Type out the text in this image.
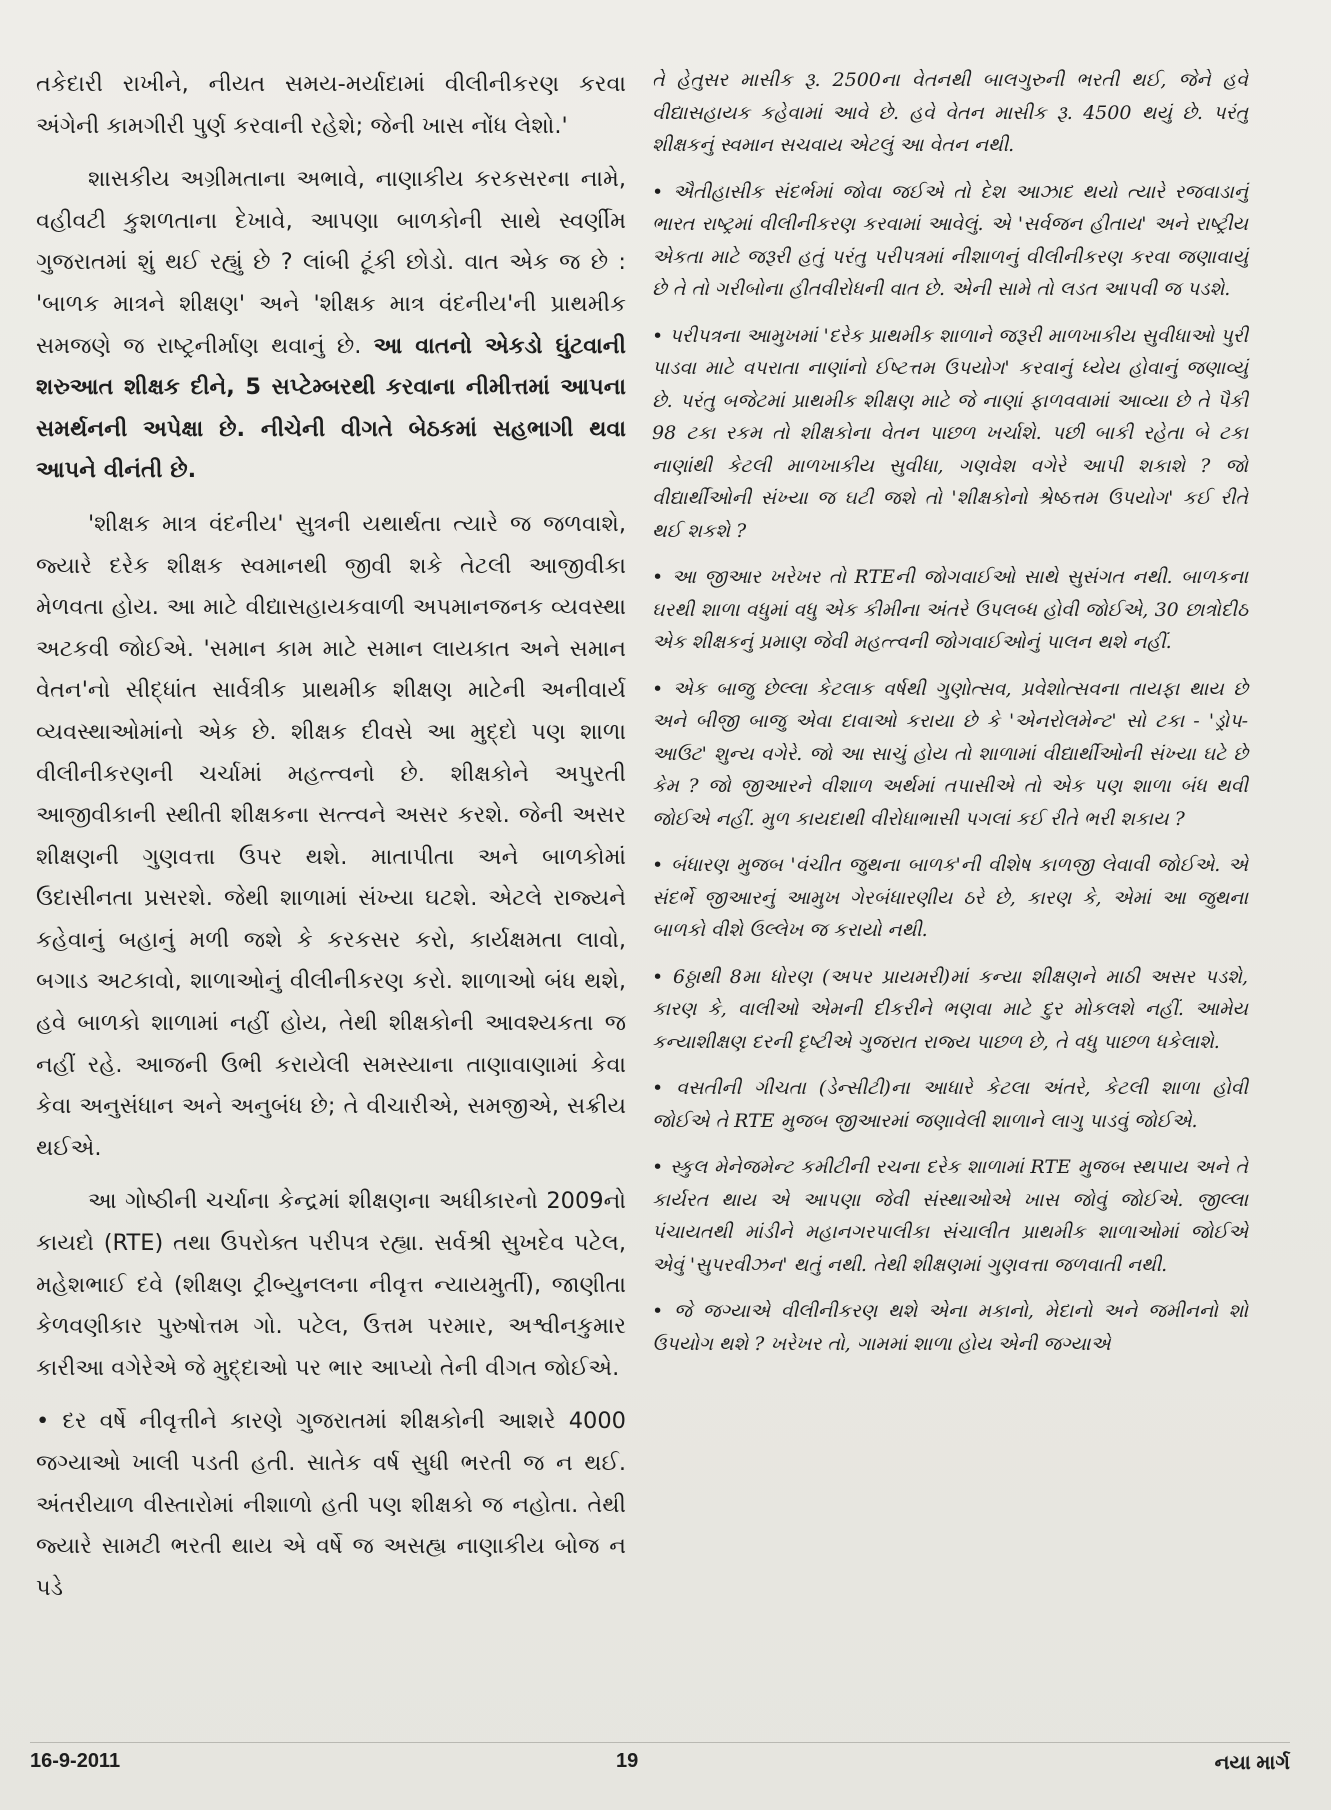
તકેદારી રાખીને, નીયત સમય-મર્યાદામાં વીલીનીકરણ કરવા અંગેની કામગીરી પુર્ણ કરવાની રહેશે; જેની ખાસ નોંધ લેશો.'

શાસકીય અગ્રીમતાના અભાવે, નાણાકીય કરકસરના નામે, વહીવટી કુશળતાના દેખાવે, આપણા બાળકોની સાથે સ્વર્ણીમ ગુજરાતમાં શું થઈ રહ્યું છે ? લાંબી ટૂંકી છોડો. વાત એક જ છે : 'બાળક માત્રને શીક્ષણ' અને 'શીક્ષક માત્ર વંદનીય'ની પ્રાથમીક સમજણે જ રાષ્ટ્રનીર્માણ થવાનું છે. આ વાતનો એકડો ઘુંટવાની શરુઆત શીક્ષક દીને, 5 સપ્ટેમ્બરથી કરવાના નીમીત્તમાં આપના સમર્થનની અપેક્ષા છે. નીચેની વીગતે બેઠકમાં સહભાગી થવા આપને વીનંતી છે.

'શીક્ષક માત્ર વંદનીય' સુત્રની યથાર્થતા ત્યારે જ જળવાશે, જ્યારે દરેક શીક્ષક સ્વમાનથી જીવી શકે તેટલી આજીવીકા મેળવતા હોય. આ માટે વીદ્યાસહાયકવાળી અપમાનજનક વ્યવસ્થા અટકવી જોઈએ. 'સમાન કામ માટે સમાન લાયકાત અને સમાન વેતન'નો સીદ્ધાંત સાર્વત્રીક પ્રાથમીક શીક્ષણ માટેની અનીવાર્ય વ્યવસ્થાઓમાંનો એક છે. શીક્ષક દીવસે આ મુદ્દો પણ શાળા વીલીનીકરણની ચર્ચામાં મહત્ત્વનો છે. શીક્ષકોને અપુરતી આજીવીકાની સ્થીતી શીક્ષકના સત્ત્વને અસર કરશે. જેની અસર શીક્ષણની ગુણવત્તા ઉપર થશે. માતાપીતા અને બાળકોમાં ઉદાસીનતા પ્રસરશે. જેથી શાળામાં સંખ્યા ઘટશે. એટલે રાજ્યને કહેવાનું બહાનું મળી જશે કે કરકસર કરો, કાર્યક્ષમતા લાવો, બગાડ અટકાવો, શાળાઓનું વીલીનીકરણ કરો. શાળાઓ બંધ થશે, હવે બાળકો શાળામાં નહીં હોય, તેથી શીક્ષકોની આવશ્યકતા જ નહીં રહે. આજની ઉભી કરાયેલી સમસ્યાના તાણાવાણામાં કેવા કેવા અનુસંધાન અને અનુબંધ છે; તે વીચારીએ, સમજીએ, સક્રીય થઈએ.

આ ગોષ્ઠીની ચર્ચાના કેન્દ્રમાં શીક્ષણના અધીકારનો 2009નો કાયદો (RTE) તથા ઉપરોક્ત પરીપત્ર રહ્યા. સર્વશ્રી સુખદેવ પટેલ, મહેશભાઈ દવે (શીક્ષણ ટ્રીબ્યુનલના નીવૃત્ત ન્યાયમુર્તી), જાણીતા કેળવણીકાર પુરુષોત્તમ ગો. પટેલ, ઉત્તમ પરમાર, અશ્વીનકુમાર કારીઆ વગેરેએ જે મુદ્દાઓ પર ભાર આપ્યો તેની વીગત જોઈએ.

• દર વર્ષે નીવૃત્તીને કારણે ગુજરાતમાં શીક્ષકોની આશરે 4000 જગ્યાઓ ખાલી પડતી હતી. સાતેક વર્ષ સુધી ભરતી જ ન થઈ. અંતરીયાળ વીસ્તારોમાં નીશાળો હતી પણ શીક્ષકો જ નહોતા. તેથી જ્યારે સામટી ભરતી થાય એ વર્ષે જ અસહ્ય નાણાકીય બોજ ન પડે

તે હેતુસર માસીક રૂ. 2500ના વેતનથી બાલગુરુની ભરતી થઈ, જેને હવે વીદ્યાસહાયક કહેવામાં આવે છે. હવે વેતન માસીક રૂ. 4500 થયું છે. પરંતુ શીક્ષકનું સ્વમાન સચવાય એટલું આ વેતન નથી.

• ઐતીહાસીક સંદર્ભમાં જોવા જઈએ તો દેશ આઝાદ થયો ત્યારે રજવાડાનું ભારત રાષ્ટ્રમાં વીલીનીકરણ કરવામાં આવેલું. એ 'સર્વજન હીતાય' અને રાષ્ટ્રીય એકતા માટે જરૂરી હતું પરંતુ પરીપત્રમાં નીશાળનું વીલીનીકરણ કરવા જણાવાયું છે તે તો ગરીબોના હીતવીરોધની વાત છે. એની સામે તો લડત આપવી જ પડશે.

• પરીપત્રના આમુખમાં 'દરેક પ્રાથમીક શાળાને જરૂરી માળખાકીય સુવીધાઓ પુરી પાડવા માટે વપરાતા નાણાંનો ઈષ્ટત્તમ ઉપયોગ' કરવાનું ધ્યેય હોવાનું જણાવ્યું છે. પરંતુ બજેટમાં પ્રાથમીક શીક્ષણ માટે જે નાણાં ફાળવવામાં આવ્યા છે તે પૈકી 98 ટકા રકમ તો શીક્ષકોના વેતન પાછળ ખર્ચાશે. પછી બાકી રહેતા બે ટકા નાણાંથી કેટલી માળખાકીય સુવીધા, ગણવેશ વગેરે આપી શકાશે ? જો વીદ્યાર્થીઓની સંખ્યા જ ઘટી જશે તો 'શીક્ષકોનો શ્રેષ્ઠત્તમ ઉપયોગ' કઈ રીતે થઈ શકશે ?

• આ જીઆર ખરેખર તો RTEની જોગવાઈઓ સાથે સુસંગત નથી. બાળકના ઘરથી શાળા વધુમાં વધુ એક કીમીના અંતરે ઉપલબ્ધ હોવી જોઈએ, 30 છાત્રોદીઠ એક શીક્ષકનું પ્રમાણ જેવી મહત્ત્વની જોગવાઈઓનું પાલન થશે નહીં.

• એક બાજુ છેલ્લા કેટલાક વર્ષથી ગુણોત્સવ, પ્રવેશોત્સવના તાયફા થાય છે અને બીજી બાજુ એવા દાવાઓ કરાયા છે કે 'એનરોલમેન્ટ' સો ટકા - 'ડ્રોપ-આઉટ' શુન્ય વગેરે. જો આ સાચું હોય તો શાળામાં વીદ્યાર્થીઓની સંખ્યા ઘટે છે કેમ ? જો જીઆરને વીશાળ અર્થમાં તપાસીએ તો એક પણ શાળા બંધ થવી જોઈએ નહીં. મુળ કાયદાથી વીરોધાભાસી પગલાં કઈ રીતે ભરી શકાય ?

• બંધારણ મુજબ 'વંચીત જુથના બાળક'ની વીશેષ કાળજી લેવાવી જોઈએ. એ સંદર્ભે જીઆરનું આમુખ ગેરબંધારણીય ઠરે છે, કારણ કે, એમાં આ જુથના બાળકો વીશે ઉલ્લેખ જ કરાયો નથી.

• 6ઠ્ઠાથી 8મા ધોરણ (અપર પ્રાયમરી)માં કન્યા શીક્ષણને માઠી અસર પડશે, કારણ કે, વાલીઓ એમની દીકરીને ભણવા માટે દુર મોકલશે નહીં. આમેય કન્યાશીક્ષણ દરની દૃષ્ટીએ ગુજરાત રાજ્ય પાછળ છે, તે વધુ પાછળ ધકેલાશે.

• વસતીની ગીચતા (ડેન્સીટી)ના આધારે કેટલા અંતરે, કેટલી શાળા હોવી જોઈએ તે RTE મુજબ જીઆરમાં જણાવેલી શાળાને લાગુ પાડવું જોઈએ.

• સ્કુલ મેનેજમેન્ટ કમીટીની રચના દરેક શાળામાં RTE મુજબ સ્થપાય અને તે કાર્યરત થાય એ આપણા જેવી સંસ્થાઓએ ખાસ જોવું જોઈએ. જીલ્લા પંચાયતથી માંડીને મહાનગરપાલીકા સંચાલીત પ્રાથમીક શાળાઓમાં જોઈએ એવું 'સુપરવીઝન' થતું નથી. તેથી શીક્ષણમાં ગુણવત્તા જળવાતી નથી.

• જે જગ્યાએ વીલીનીકરણ થશે એના મકાનો, મેદાનો અને જમીનનો શો ઉપયોગ થશે ? ખરેખર તો, ગામમાં શાળા હોય એની જગ્યાએ

16-9-2011	19	નયા માર્ગ
